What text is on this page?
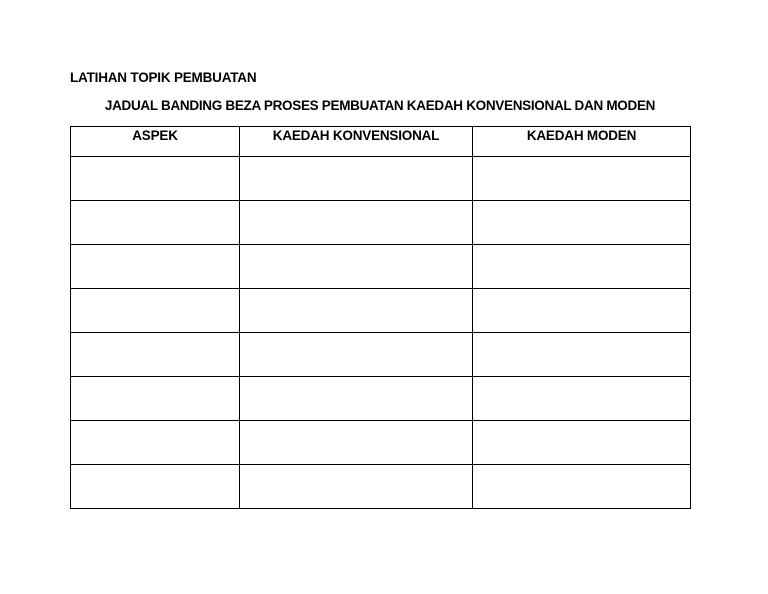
LATIHAN TOPIK PEMBUATAN
JADUAL BANDING BEZA PROSES PEMBUATAN KAEDAH KONVENSIONAL DAN MODEN
ASPEK	KAEDAH KONVENSIONAL	KAEDAH MODEN
